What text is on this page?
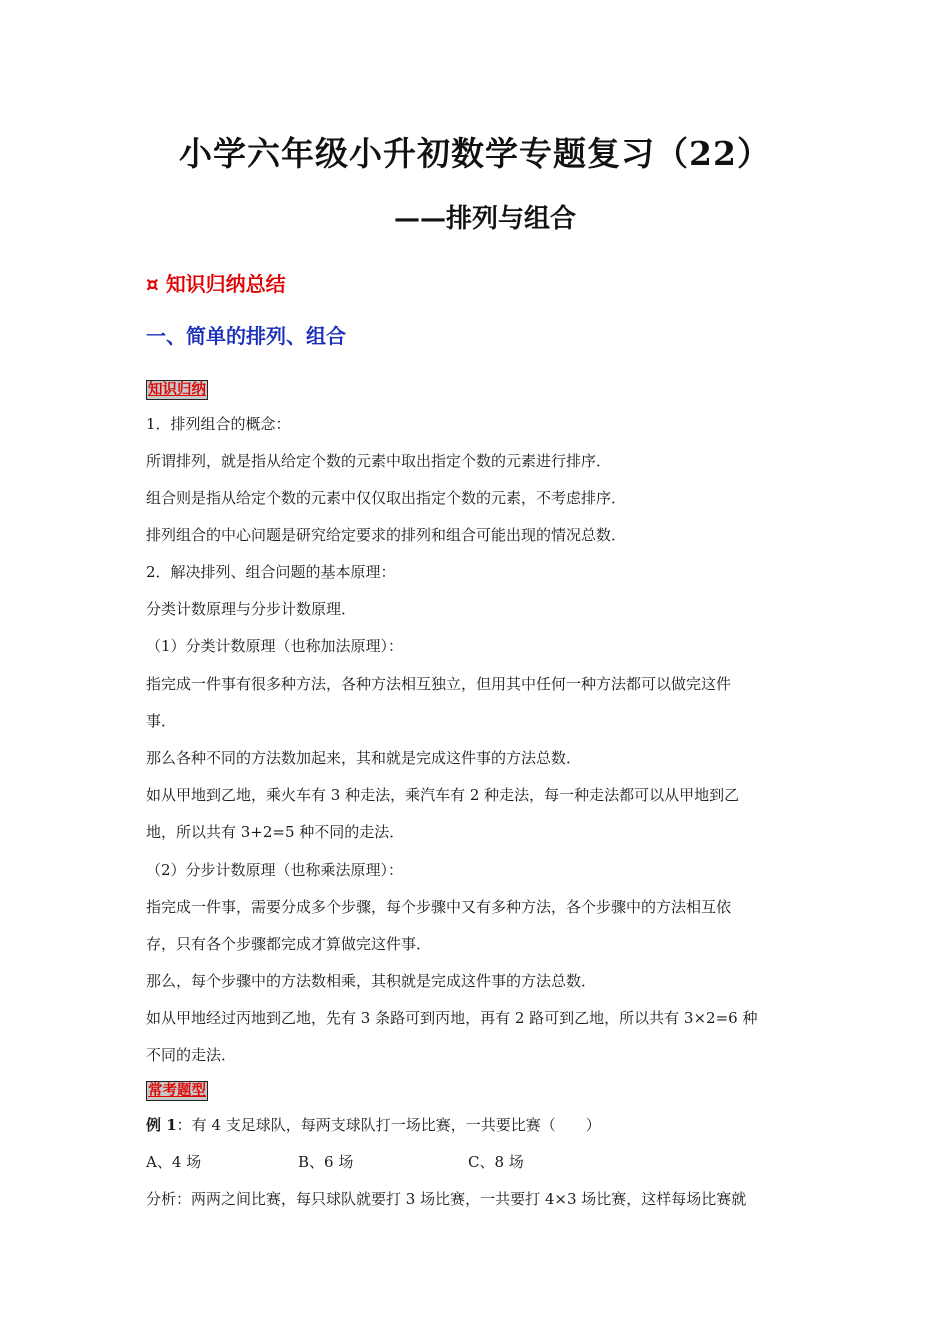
小学六年级小升初数学专题复习（22）
——排列与组合
¤ 知识归纳总结
一、简单的排列、组合
知识归纳
1．排列组合的概念：
所谓排列，就是指从给定个数的元素中取出指定个数的元素进行排序．
组合则是指从给定个数的元素中仅仅取出指定个数的元素，不考虑排序．
排列组合的中心问题是研究给定要求的排列和组合可能出现的情况总数．
2．解决排列、组合问题的基本原理：
分类计数原理与分步计数原理．
（1）分类计数原理（也称加法原理）：
指完成一件事有很多种方法，各种方法相互独立，但用其中任何一种方法都可以做完这件
事．
那么各种不同的方法数加起来，其和就是完成这件事的方法总数．
如从甲地到乙地，乘火车有 3 种走法，乘汽车有 2 种走法，每一种走法都可以从甲地到乙
地，所以共有 3+2=5 种不同的走法．
（2）分步计数原理（也称乘法原理）：
指完成一件事，需要分成多个步骤，每个步骤中又有多种方法，各个步骤中的方法相互依
存，只有各个步骤都完成才算做完这件事．
那么，每个步骤中的方法数相乘，其积就是完成这件事的方法总数．
如从甲地经过丙地到乙地，先有 3 条路可到丙地，再有 2 路可到乙地，所以共有 3×2=6 种
不同的走法．
常考题型
例 1：有 4 支足球队，每两支球队打一场比赛，一共要比赛（　　）
A、4 场	B、6 场	C、8 场
分析：两两之间比赛，每只球队就要打 3 场比赛，一共要打 4×3 场比赛，这样每场比赛就
